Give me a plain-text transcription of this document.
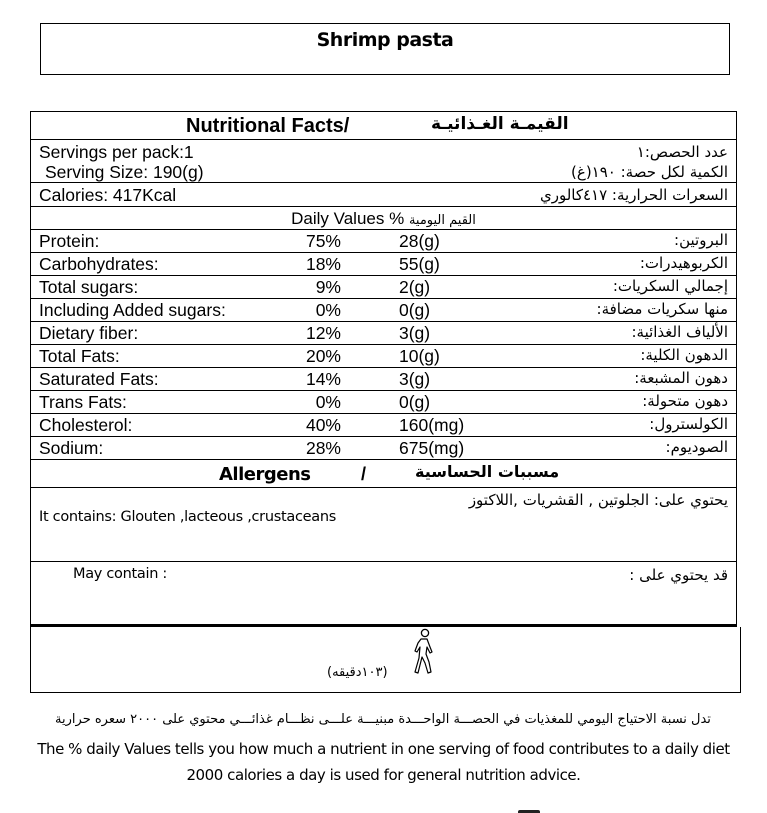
Shrimp pasta
Nutritional Facts/	القيمـة الغـذائيـة
Servings per pack:1	عدد الحصص:١
Serving Size: 190(g)	الكمية لكل حصة: ١٩٠(غ)
Calories: 417Kcal	السعرات الحرارية: ٤١٧كالوري
Daily Values % القيم اليومية
Protein:	75%	28(g)	البروتين:
Carbohydrates:	18%	55(g)	الكربوهيدرات:
Total sugars:	9%	2(g)	إجمالي السكريات:
Including Added sugars:	0%	0(g)	منها سكريات مضافة:
Dietary fiber:	12%	3(g)	الألياف الغذائية:
Total Fats:	20%	10(g)	الدهون الكلية:
Saturated Fats:	14%	3(g)	دهون المشبعة:
Trans Fats:	0%	0(g)	دهون متحولة:
Cholesterol:	40%	160(mg)	الكولسترول:
Sodium:	28%	675(mg)	الصوديوم:
Allergens	/	مسببات الحساسية
يحتوي على: الجلوتين , القشريات ,اللاكتوز
It contains: Glouten ,lacteous ,crustaceans
May contain :	قد يحتوي على :
(١٠٣دقيقه)
تدل نسبة الاحتياج اليومي للمغذيات في الحصـــة الواحـــدة مبنيـــة علـــى نظـــام غذائـــي محتوي على ٢٠٠٠ سعره حرارية
The % daily Values tells you how much a nutrient in one serving of food contributes to a daily diet
2000 calories a day is used for general nutrition advice.
